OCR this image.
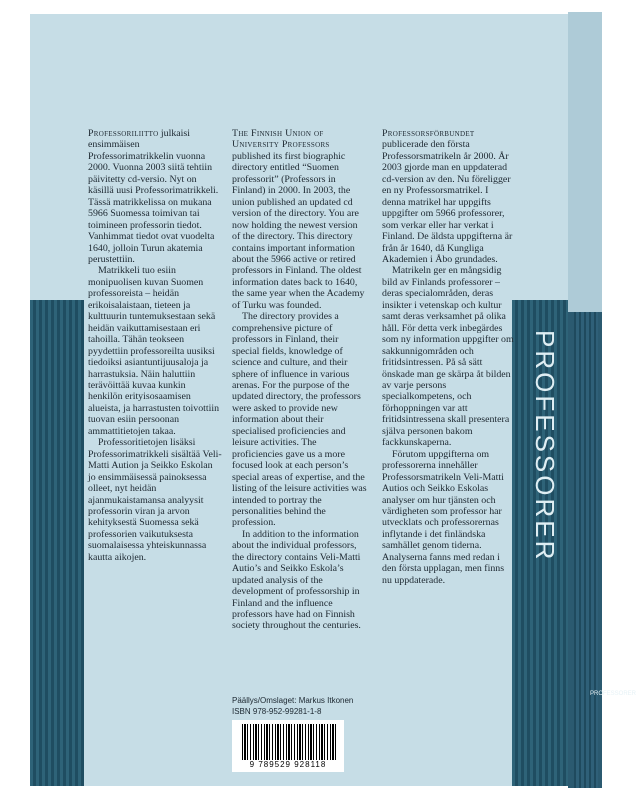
PROFESSORER
PROFESSORER

Professoriliitto julkaisi ensimmäisen Professorimatrikkelin vuonna 2000. Vuonna 2003 siitä tehtiin päivitetty cd-versio. Nyt on käsillä uusi Professorimatrikkeli. Tässä matrikkelissa on mukana 5966 Suomessa toimivan tai toimineen professorin tiedot. Vanhimmat tiedot ovat vuodelta 1640, jolloin Turun akatemia perustettiin.

Matrikkeli tuo esiin monipuolisen kuvan Suomen professoreista – heidän erikoisalaistaan, tieteen ja kulttuurin tuntemuksestaan sekä heidän vaikuttamisestaan eri tahoilla. Tähän teokseen pyydettiin professoreilta uusiksi tiedoiksi asiantuntijuusaloja ja harrastuksia. Näin haluttiin terävöittää kuvaa kunkin henkilön erityisosaamisen alueista, ja harrastusten toivottiin tuovan esiin persoonan ammattitietojen takaa.

Professoritietojen lisäksi Professorimatrikkeli sisältää Veli-Matti Aution ja Seikko Eskolan jo ensimmäisessä painoksessa olleet, nyt heidän ajanmukaistamansa analyysit professorin viran ja arvon kehityksestä Suomessa sekä professorien vaikutuksesta suomalaisessa yhteiskunnassa kautta aikojen.

The Finnish Union of University Professors published its first biographic directory entitled “Suomen professorit” (Professors in Finland) in 2000. In 2003, the union published an updated cd version of the directory. You are now holding the newest version of the directory. This directory contains important information about the 5966 active or retired professors in Finland. The oldest information dates back to 1640, the same year when the Academy of Turku was founded.

The directory provides a comprehensive picture of professors in Finland, their special fields, knowledge of science and culture, and their sphere of influence in various arenas. For the purpose of the updated directory, the professors were asked to provide new information about their specialised proficiencies and leisure activities. The proficiencies gave us a more focused look at each person’s special areas of expertise, and the listing of the leisure activities was intended to portray the personalities behind the profession.

In addition to the information about the individual professors, the directory contains Veli-Matti Autio’s and Seikko Eskola’s updated analysis of the development of professorship in Finland and the influence professors have had on Finnish society throughout the centuries.

Professorsförbundet publicerade den första Professorsmatrikeln år 2000. År 2003 gjorde man en uppdaterad cd-version av den. Nu föreligger en ny Professorsmatrikel. I denna matrikel har uppgifts uppgifter om 5966 professorer, som verkar eller har verkat i Finland. De äldsta uppgifterna är från år 1640, då Kungliga Akademien i Åbo grundades.

Matrikeln ger en mångsidig bild av Finlands professorer – deras specialområden, deras insikter i vetenskap och kultur samt deras verksamhet på olika håll. För detta verk inbegärdes som ny information uppgifter om sakkunnigområden och fritidsintressen. På så sätt önskade man ge skärpa åt bilden av varje persons specialkompetens, och förhoppningen var att fritidsintressena skall presentera själva personen bakom fackkunskaperna.

Förutom uppgifterna om professorerna innehåller Professorsmatrikeln Veli-Matti Autios och Seikko Eskolas analyser om hur tjänsten och värdigheten som professor har utvecklats och professorernas inflytande i det finländska samhället genom tiderna. Analyserna fanns med redan i den första upplagan, men finns nu uppdaterade.

Päällys/Omslaget: Markus Itkonen
ISBN 978-952-99281-1-8
9 789529 928118
